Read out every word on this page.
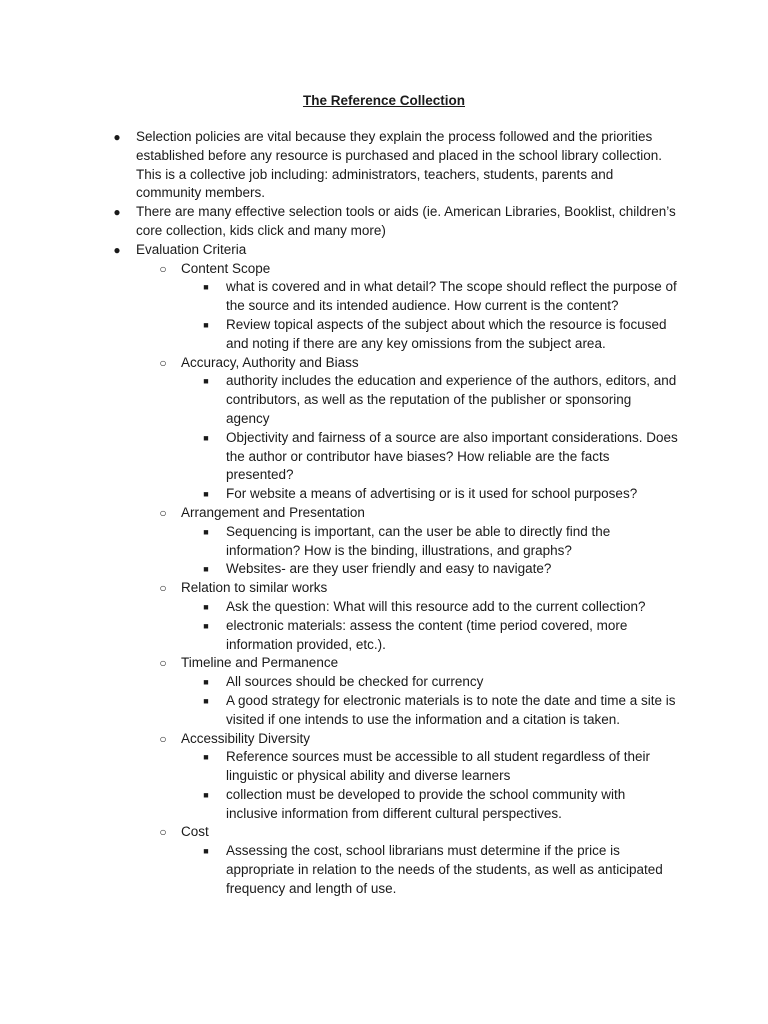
The Reference Collection
● Selection policies are vital because they explain the process followed and the priorities established before any resource is purchased and placed in the school library collection. This is a collective job including: administrators, teachers, students, parents and community members.
● There are many effective selection tools or aids (ie. American Libraries, Booklist, children’s core collection, kids click and many more)
● Evaluation Criteria
○ Content Scope
■	what is covered and in what detail? The scope should reflect the purpose of the source and its intended audience. How current is the content?
■	Review topical aspects of the subject about which the resource is focused and noting if there are any key omissions from the subject area.
○ Accuracy, Authority and Biass
■	authority includes the education and experience of the authors, editors, and contributors, as well as the reputation of the publisher or sponsoring agency
■	Objectivity and fairness of a source are also important considerations. Does the author or contributor have biases? How reliable are the facts presented?
■	For website a means of advertising or is it used for school purposes?
○ Arrangement and Presentation
■	Sequencing is important, can the user be able to directly find the information? How is the binding, illustrations, and graphs?
■	Websites- are they user friendly and easy to navigate?
○ Relation to similar works
■	Ask the question: What will this resource add to the current collection?
■	electronic materials: assess the content (time period covered, more information provided, etc.).
○ Timeline and Permanence
■	All sources should be checked for currency
■	A good strategy for electronic materials is to note the date and time a site is visited if one intends to use the information and a citation is taken.
○ Accessibility Diversity
■	Reference sources must be accessible to all student regardless of their linguistic or physical ability and diverse learners
■	collection must be developed to provide the school community with inclusive information from different cultural perspectives.
○ Cost
■	Assessing the cost, school librarians must determine if the price is appropriate in relation to the needs of the students, as well as anticipated frequency and length of use.
